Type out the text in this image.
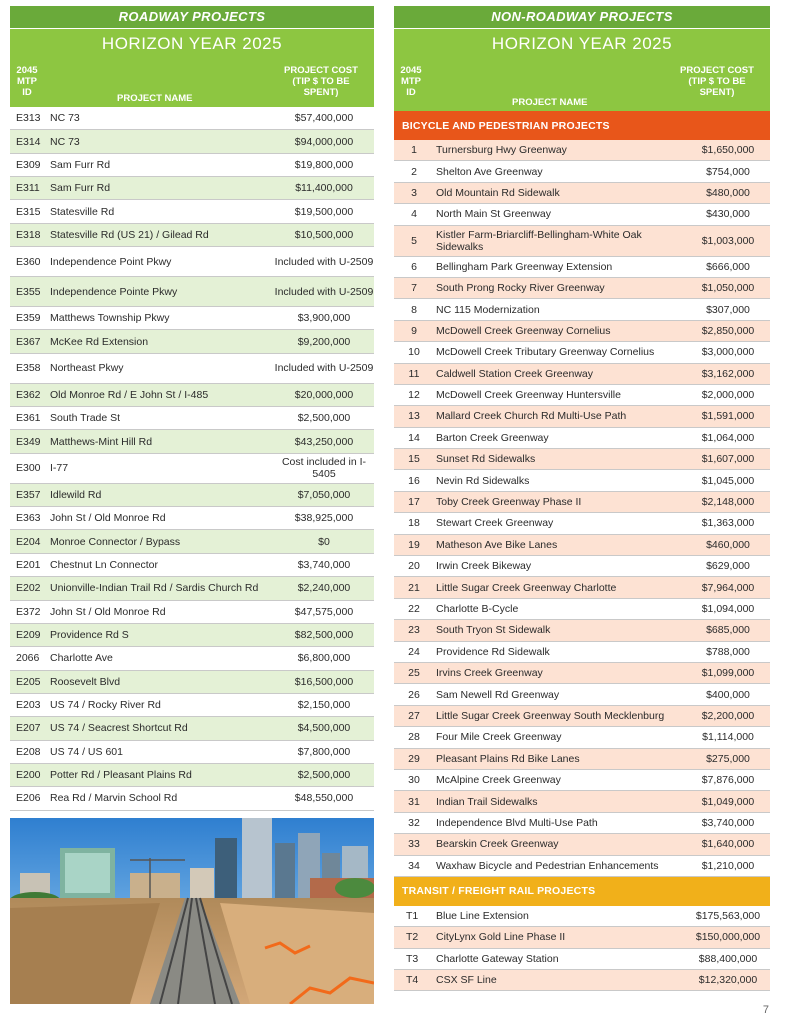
ROADWAY PROJECTS
HORIZON YEAR 2025
2045
MTP
ID
PROJECT NAME
PROJECT COST
(TIP $ TO BE
SPENT)
E313 NC 73	$57,400,000
E314 NC 73	$94,000,000
E309 Sam Furr Rd	$19,800,000
E311 Sam Furr Rd	$11,400,000
E315 Statesville Rd	$19,500,000
E318 Statesville Rd (US 21) / Gilead Rd	$10,500,000
E360 Independence Point Pkwy	Included with U-2509
E355 Independence Pointe Pkwy	Included with U-2509
E359 Matthews Township Pkwy	$3,900,000
E367 McKee Rd Extension	$9,200,000
E358 Northeast Pkwy	Included with U-2509
E362 Old Monroe Rd / E John St / I-485	$20,000,000
E361 South Trade St	$2,500,000
E349 Matthews-Mint Hill Rd	$43,250,000
E300 I-77	Cost included in I-5405
E357 Idlewild Rd	$7,050,000
E363 John St / Old Monroe Rd	$38,925,000
E204 Monroe Connector / Bypass	$0
E201 Chestnut Ln Connector	$3,740,000
E202 Unionville-Indian Trail Rd / Sardis Church Rd	$2,240,000
E372 John St / Old Monroe Rd	$47,575,000
E209 Providence Rd S	$82,500,000
2066	Charlotte Ave	$6,800,000
E205 Roosevelt Blvd	$16,500,000
E203 US 74 / Rocky River Rd	$2,150,000
E207 US 74 / Seacrest Shortcut Rd	$4,500,000
E208 US 74 / US 601	$7,800,000
E200 Potter Rd / Pleasant Plains Rd	$2,500,000
E206 Rea Rd / Marvin School Rd	$48,550,000
NON-ROADWAY PROJECTS
HORIZON YEAR 2025
2045
MTP
ID
PROJECT NAME
PROJECT COST
(TIP $ TO BE
SPENT)
BICYCLE AND PEDESTRIAN PROJECTS
1	Turnersburg Hwy Greenway	$1,650,000
2	Shelton Ave Greenway	$754,000
3	Old Mountain Rd Sidewalk	$480,000
4	North Main St Greenway	$430,000
5	Kistler Farm-Briarcliff-Bellingham-White Oak Sidewalks	$1,003,000
6	Bellingham Park Greenway Extension	$666,000
7	South Prong Rocky River Greenway	$1,050,000
8	NC 115 Modernization	$307,000
9	McDowell Creek Greenway Cornelius	$2,850,000
10	McDowell Creek Tributary Greenway Cornelius	$3,000,000
11	Caldwell Station Creek Greenway	$3,162,000
12	McDowell Creek Greenway Huntersville	$2,000,000
13	Mallard Creek Church Rd Multi-Use Path	$1,591,000
14	Barton Creek Greenway	$1,064,000
15	Sunset Rd Sidewalks	$1,607,000
16	Nevin Rd Sidewalks	$1,045,000
17	Toby Creek Greenway Phase II	$2,148,000
18	Stewart Creek Greenway	$1,363,000
19	Matheson Ave Bike Lanes	$460,000
20	Irwin Creek Bikeway	$629,000
21	Little Sugar Creek Greenway Charlotte	$7,964,000
22	Charlotte B-Cycle	$1,094,000
23	South Tryon St Sidewalk	$685,000
24	Providence Rd Sidewalk	$788,000
25	Irvins Creek Greenway	$1,099,000
26	Sam Newell Rd Greenway	$400,000
27	Little Sugar Creek Greenway South Mecklenburg	$2,200,000
28	Four Mile Creek Greenway	$1,114,000
29	Pleasant Plains Rd Bike Lanes	$275,000
30	McAlpine Creek Greenway	$7,876,000
31	Indian Trail Sidewalks	$1,049,000
32	Independence Blvd Multi-Use Path	$3,740,000
33	Bearskin Creek Greenway	$1,640,000
34	Waxhaw Bicycle and Pedestrian Enhancements	$1,210,000
TRANSIT / FREIGHT RAIL PROJECTS
T1	Blue Line Extension	$175,563,000
T2	CityLynx Gold Line Phase II	$150,000,000
T3	Charlotte Gateway Station	$88,400,000
T4	CSX SF Line	$12,320,000
7
